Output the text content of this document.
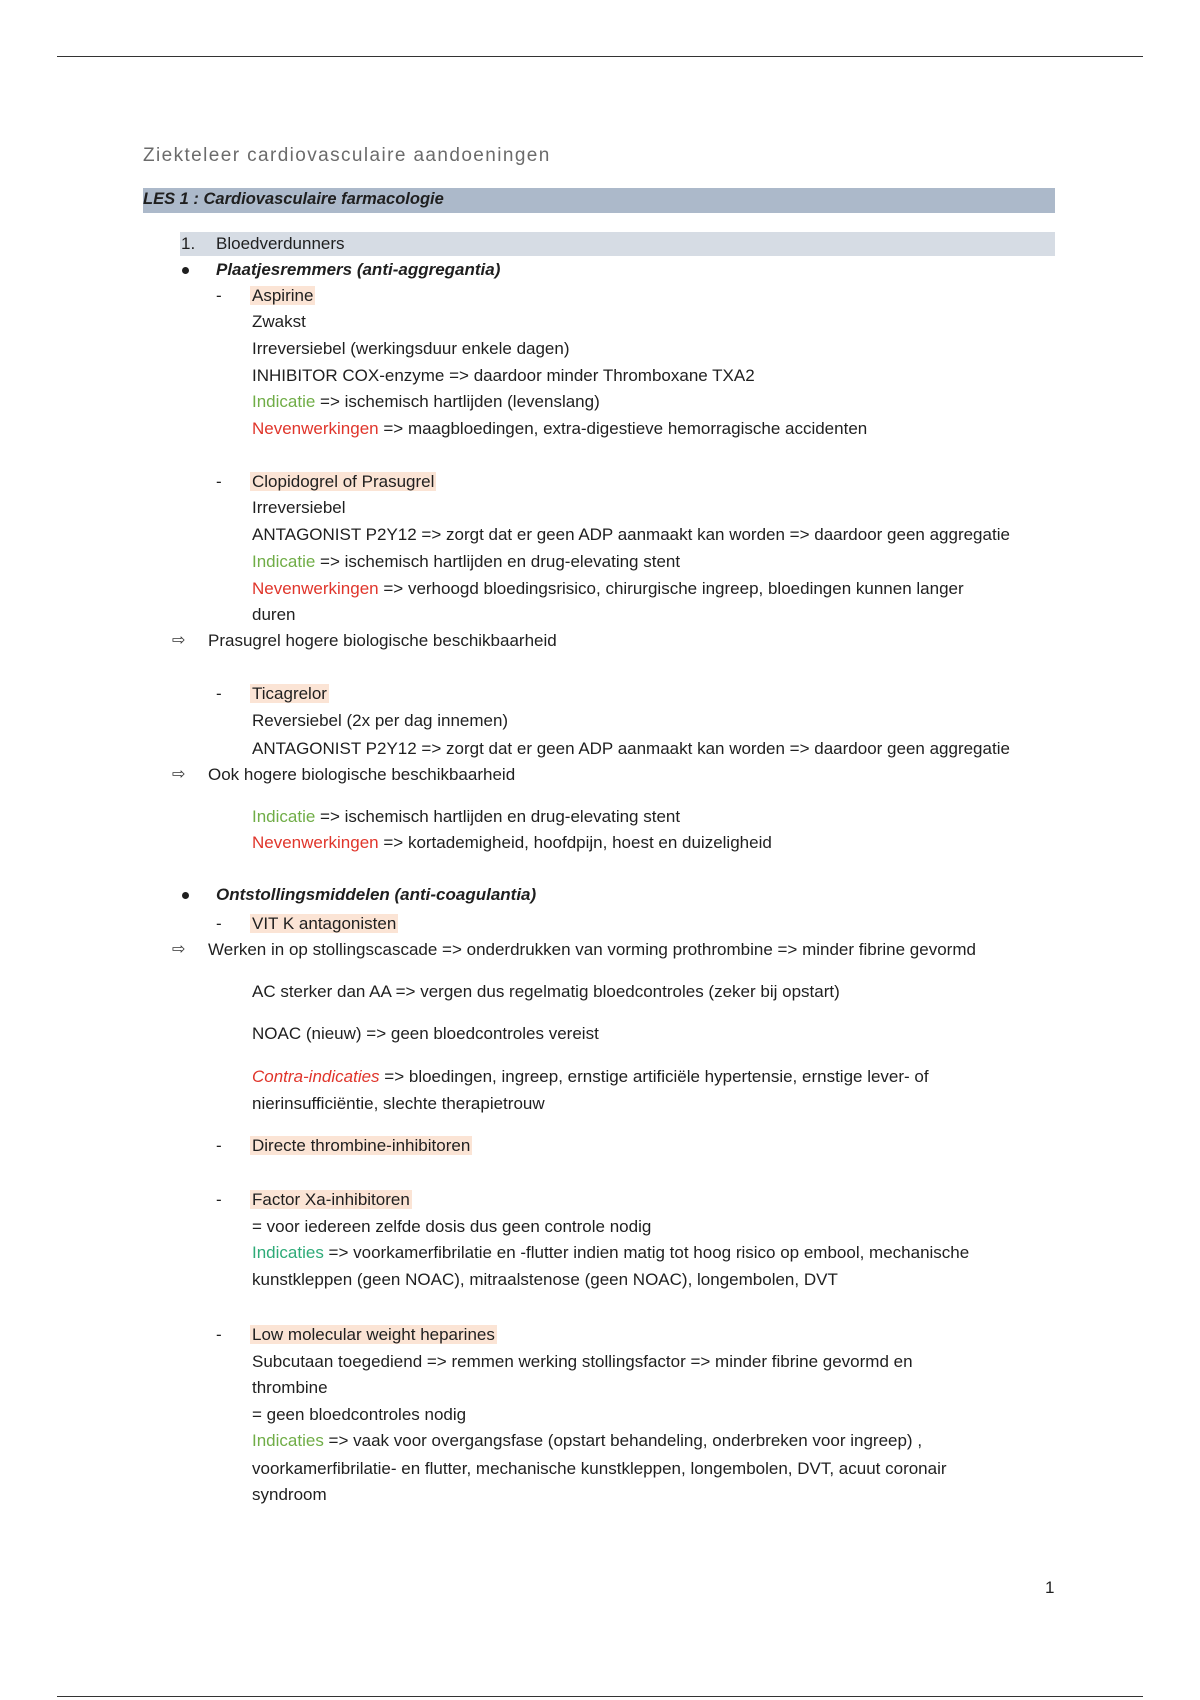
Ziekteleer cardiovasculaire aandoeningen
LES 1 : Cardiovasculaire farmacologie
1. Bloedverdunners
Plaatjesremmers (anti-aggregantia)
- Aspirine
Zwakst
Irreversiebel (werkingsduur enkele dagen)
INHIBITOR COX-enzyme => daardoor minder Thromboxane TXA2
Indicatie => ischemisch hartlijden (levenslang)
Nevenwerkingen => maagbloedingen, extra-digestieve hemorragische accidenten
- Clopidogrel of Prasugrel
Irreversiebel
ANTAGONIST P2Y12 => zorgt dat er geen ADP aanmaakt kan worden => daardoor geen aggregatie
Indicatie => ischemisch hartlijden en drug-elevating stent
Nevenwerkingen => verhoogd bloedingsrisico, chirurgische ingreep, bloedingen kunnen langer
duren
⇨ Prasugrel hogere biologische beschikbaarheid
- Ticagrelor
Reversiebel (2x per dag innemen)
ANTAGONIST P2Y12 => zorgt dat er geen ADP aanmaakt kan worden => daardoor geen aggregatie
⇨ Ook hogere biologische beschikbaarheid
Indicatie => ischemisch hartlijden en drug-elevating stent
Nevenwerkingen => kortademigheid, hoofdpijn, hoest en duizeligheid
Ontstollingsmiddelen (anti-coagulantia)
- VIT K antagonisten
⇨ Werken in op stollingscascade => onderdrukken van vorming prothrombine => minder fibrine gevormd
AC sterker dan AA => vergen dus regelmatig bloedcontroles (zeker bij opstart)
NOAC (nieuw) => geen bloedcontroles vereist
Contra-indicaties => bloedingen, ingreep, ernstige artificiële hypertensie, ernstige lever- of
nierinsufficiëntie, slechte therapietrouw
- Directe thrombine-inhibitoren
- Factor Xa-inhibitoren
= voor iedereen zelfde dosis dus geen controle nodig
Indicaties => voorkamerfibrilatie en -flutter indien matig tot hoog risico op embool, mechanische
kunstkleppen (geen NOAC), mitraalstenose (geen NOAC), longembolen, DVT
- Low molecular weight heparines
Subcutaan toegediend => remmen werking stollingsfactor => minder fibrine gevormd en
thrombine
= geen bloedcontroles nodig
Indicaties => vaak voor overgangsfase (opstart behandeling, onderbreken voor ingreep) ,
voorkamerfibrilatie- en flutter, mechanische kunstkleppen, longembolen, DVT, acuut coronair
syndroom
1
